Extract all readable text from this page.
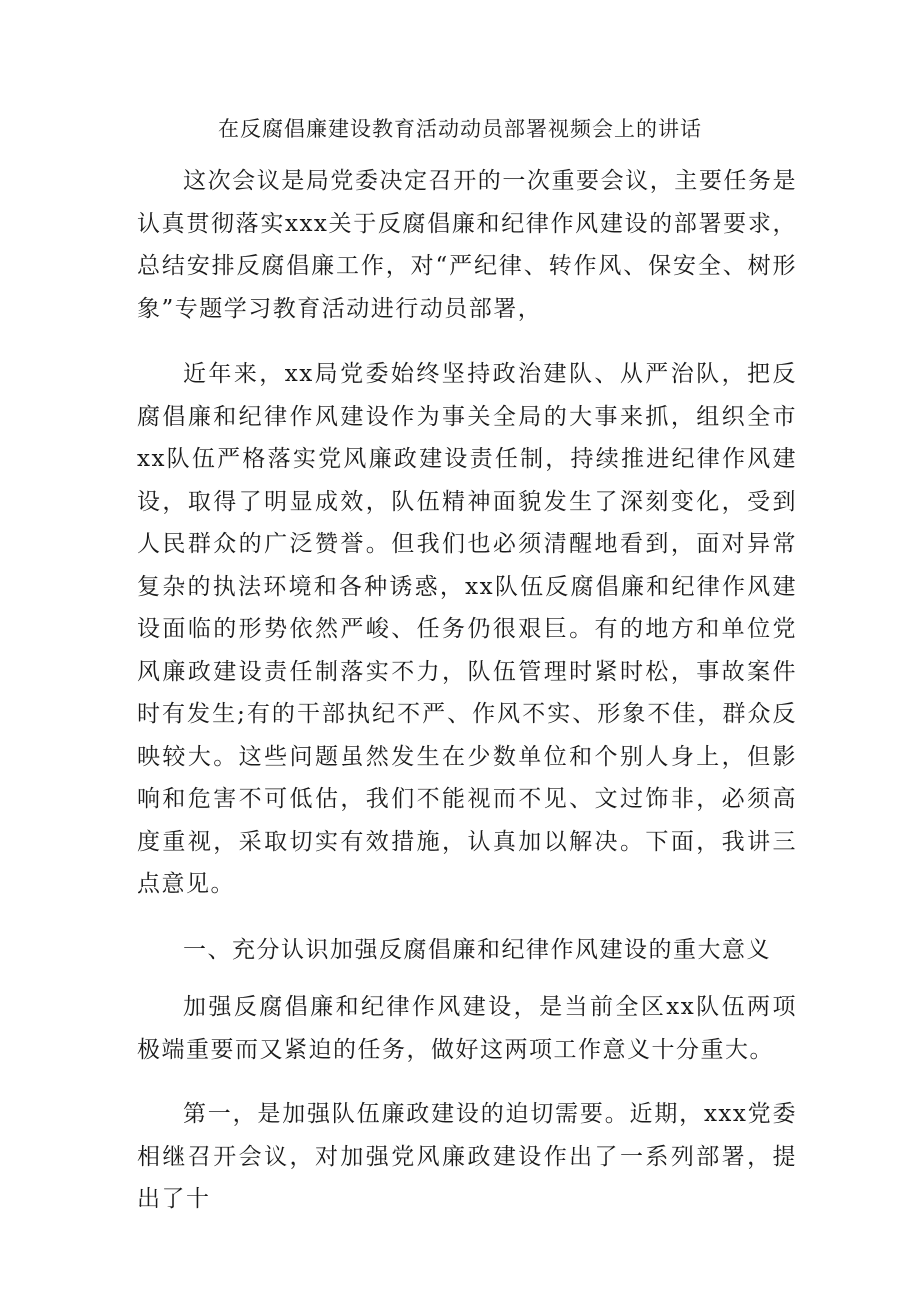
在反腐倡廉建设教育活动动员部署视频会上的讲话

这次会议是局党委决定召开的一次重要会议，主要任务是认真贯彻落实xxx关于反腐倡廉和纪律作风建设的部署要求，总结安排反腐倡廉工作，对“严纪律、转作风、保安全、树形象”专题学习教育活动进行动员部署，

近年来，xx局党委始终坚持政治建队、从严治队，把反腐倡廉和纪律作风建设作为事关全局的大事来抓，组织全市xx队伍严格落实党风廉政建设责任制，持续推进纪律作风建设，取得了明显成效，队伍精神面貌发生了深刻变化，受到人民群众的广泛赞誉。但我们也必须清醒地看到，面对异常复杂的执法环境和各种诱惑，xx队伍反腐倡廉和纪律作风建设面临的形势依然严峻、任务仍很艰巨。有的地方和单位党风廉政建设责任制落实不力，队伍管理时紧时松，事故案件时有发生;有的干部执纪不严、作风不实、形象不佳，群众反映较大。这些问题虽然发生在少数单位和个别人身上，但影响和危害不可低估，我们不能视而不见、文过饰非，必须高度重视，采取切实有效措施，认真加以解决。下面，我讲三点意见。

一、充分认识加强反腐倡廉和纪律作风建设的重大意义

加强反腐倡廉和纪律作风建设，是当前全区xx队伍两项极端重要而又紧迫的任务，做好这两项工作意义十分重大。

第一，是加强队伍廉政建设的迫切需要。近期，xxx党委相继召开会议，对加强党风廉政建设作出了一系列部署，提出了十
